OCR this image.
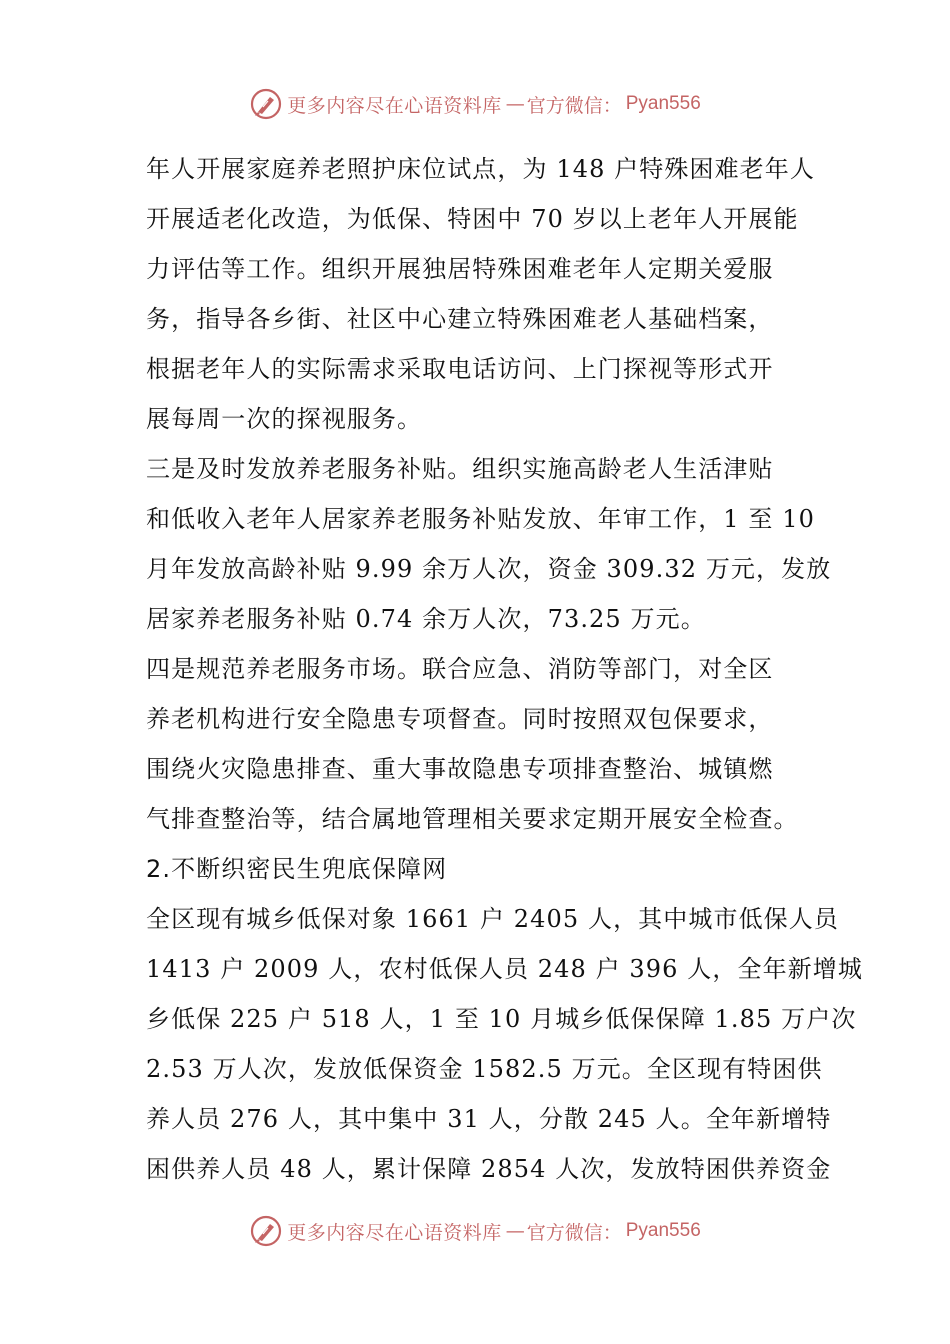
更多内容尽在心语资料库 — 官方微信： Pyan556
年人开展家庭养老照护床位试点，为 148 户特殊困难老年人
开展适老化改造，为低保、特困中 70 岁以上老年人开展能
力评估等工作。组织开展独居特殊困难老年人定期关爱服
务，指导各乡街、社区中心建立特殊困难老人基础档案，
根据老年人的实际需求采取电话访问、上门探视等形式开
展每周一次的探视服务。
三是及时发放养老服务补贴。组织实施高龄老人生活津贴
和低收入老年人居家养老服务补贴发放、年审工作，1 至 10
月年发放高龄补贴 9.99 余万人次，资金 309.32 万元，发放
居家养老服务补贴 0.74 余万人次，73.25 万元。
四是规范养老服务市场。联合应急、消防等部门，对全区
养老机构进行安全隐患专项督查。同时按照双包保要求，
围绕火灾隐患排查、重大事故隐患专项排查整治、城镇燃
气排查整治等，结合属地管理相关要求定期开展安全检查。
2.不断织密民生兜底保障网
全区现有城乡低保对象 1661 户 2405 人，其中城市低保人员
1413 户 2009 人，农村低保人员 248 户 396 人，全年新增城
乡低保 225 户 518 人，1 至 10 月城乡低保保障 1.85 万户次
2.53 万人次，发放低保资金 1582.5 万元。全区现有特困供
养人员 276 人，其中集中 31 人，分散 245 人。全年新增特
困供养人员 48 人，累计保障 2854 人次，发放特困供养资金
更多内容尽在心语资料库 — 官方微信： Pyan556
